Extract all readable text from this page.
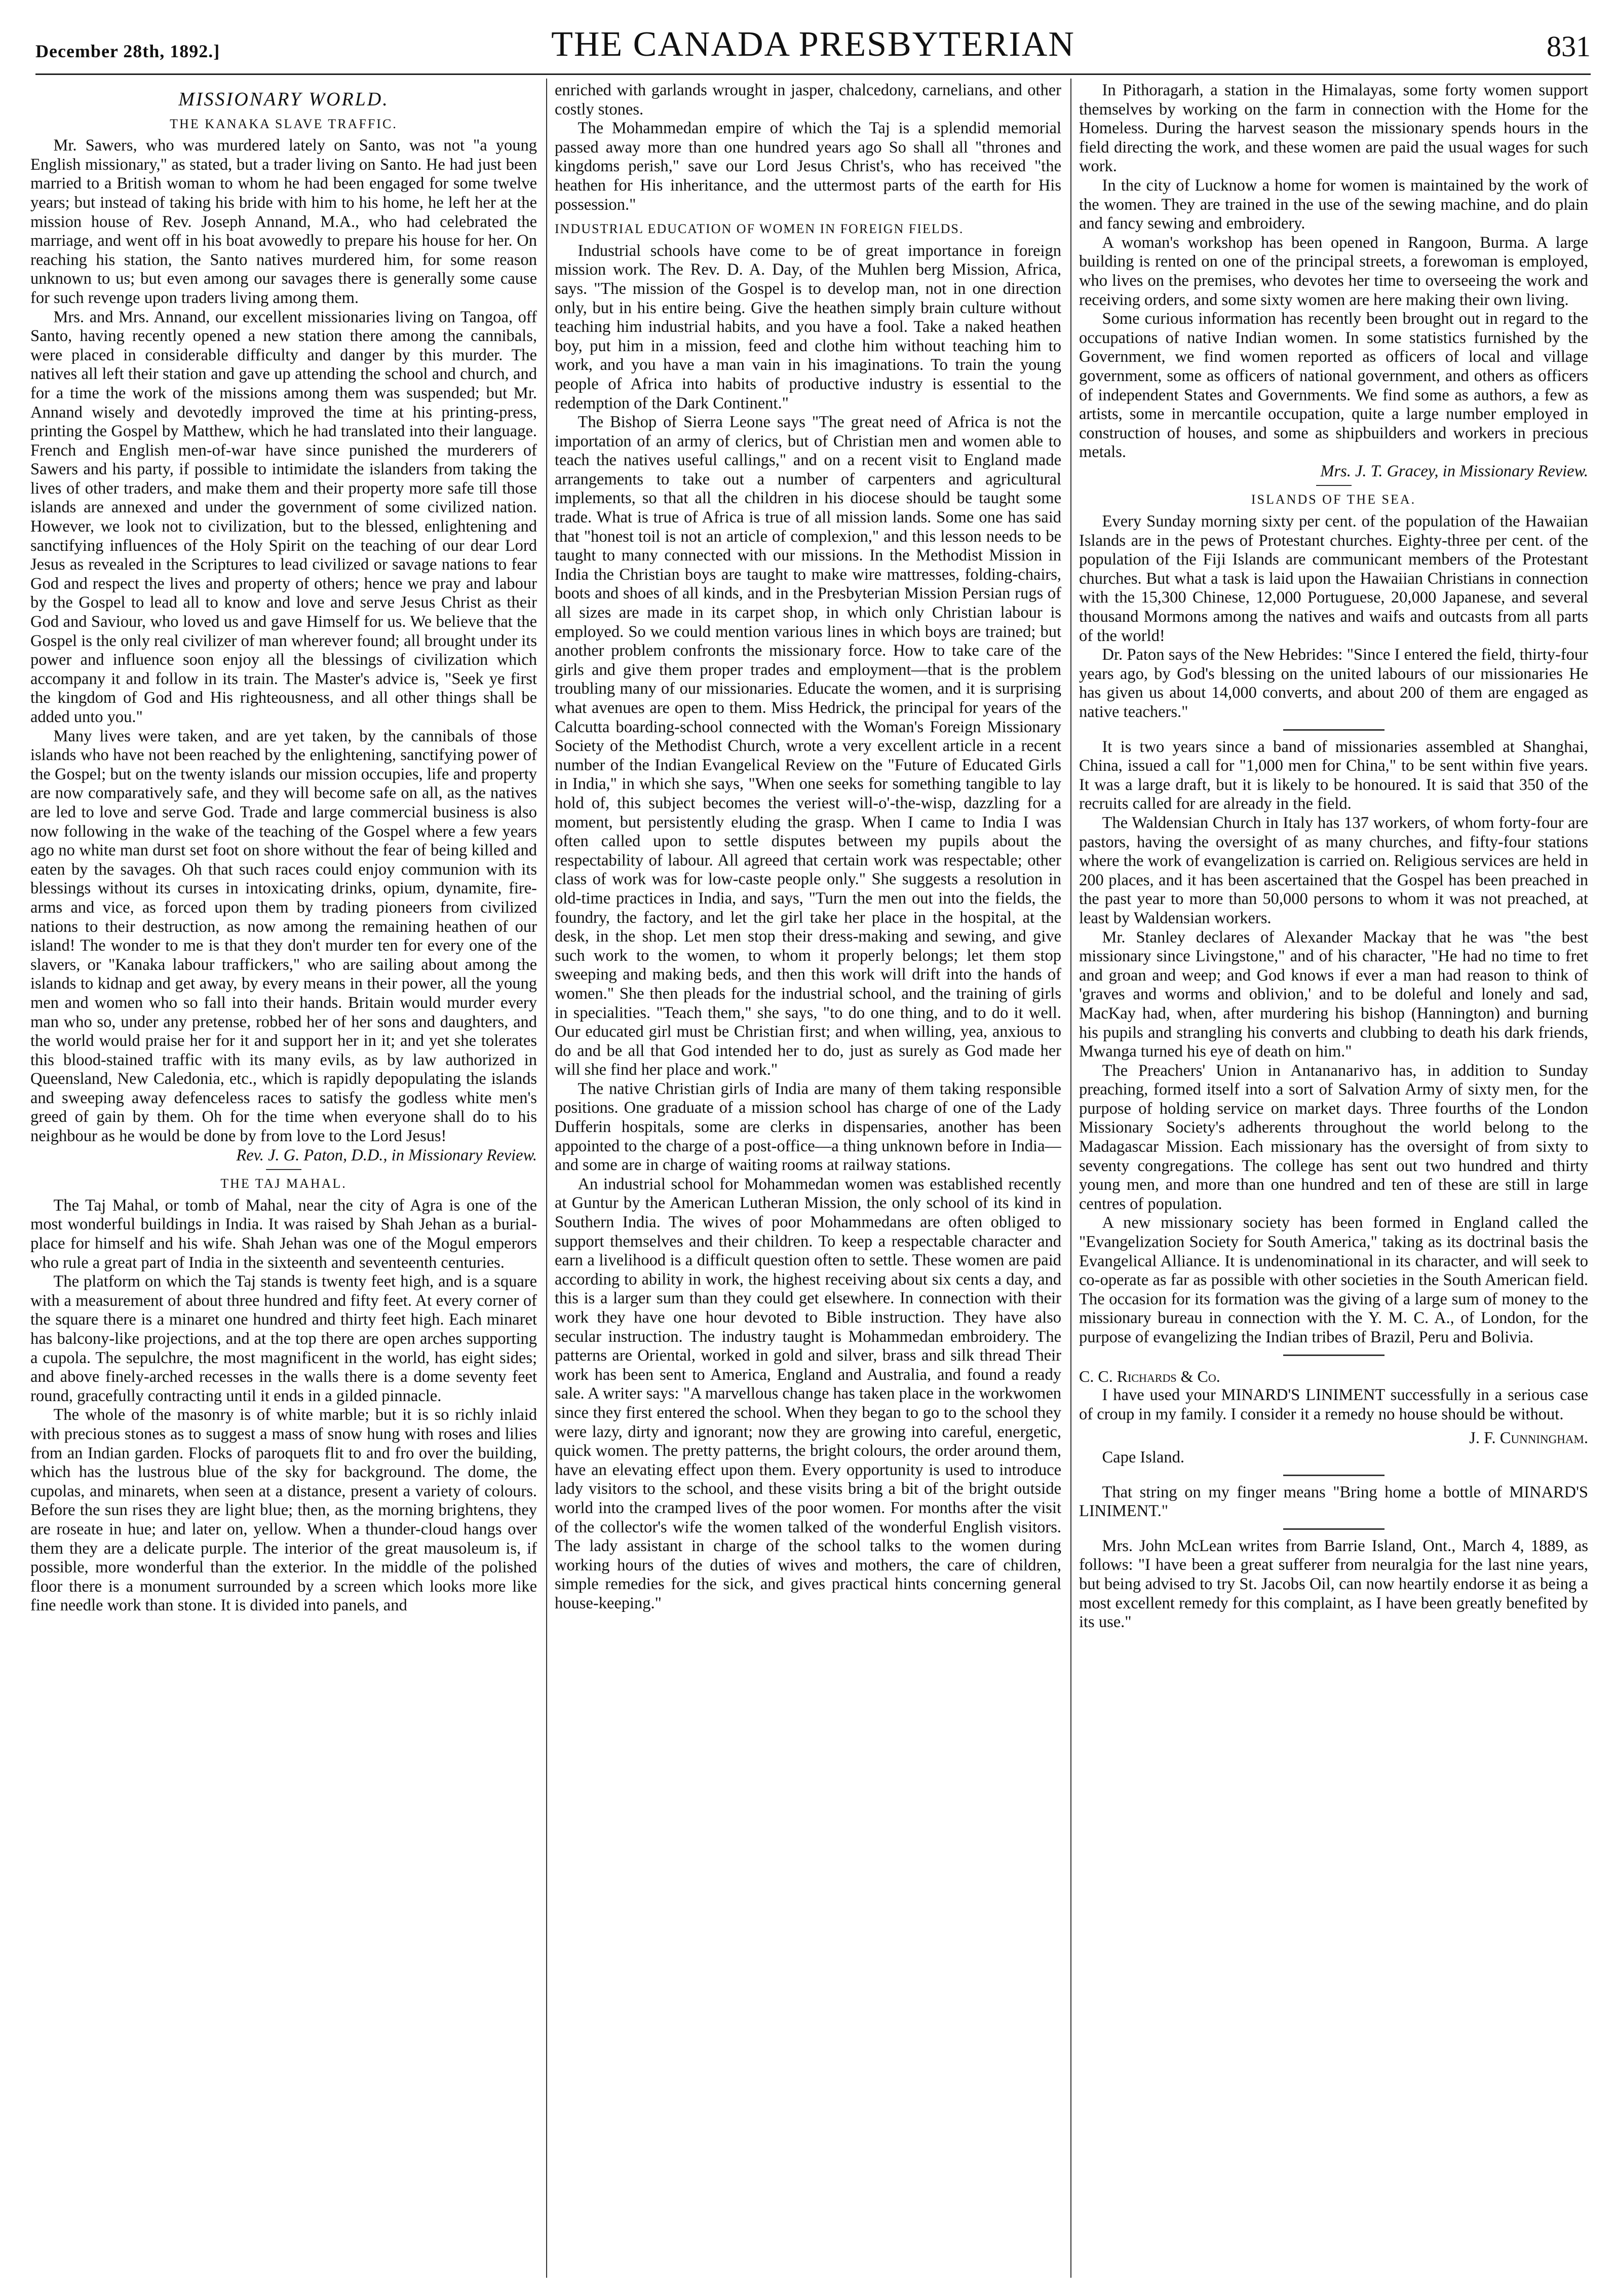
December 28th, 1892.]	THE CANADA PRESBYTERIAN	831
MISSIONARY WORLD.
THE KANAKA SLAVE TRAFFIC.

Mr. Sawers, who was murdered lately on Santo, was not "a young English missionary," as stated, but a trader living on Santo. He had just been married to a British woman to whom he had been engaged for some twelve years; but instead of taking his bride with him to his home, he left her at the mission house of Rev. Joseph Annand, M.A., who had celebrated the marriage, and went off in his boat avowedly to prepare his house for her. On reaching his station, the Santo natives murdered him, for some reason unknown to us; but even among our savages there is generally some cause for such revenge upon traders living among them.

Mrs. and Mrs. Annand, our excellent missionaries living on Tangoa, off Santo, having recently opened a new station there among the cannibals, were placed in considerable difficulty and danger by this murder. The natives all left their station and gave up attending the school and church, and for a time the work of the missions among them was suspended; but Mr. Annand wisely and devotedly improved the time at his printing-press, printing the Gospel by Matthew, which he had translated into their language. French and English men-of-war have since punished the murderers of Sawers and his party, if possible to intimidate the islanders from taking the lives of other traders, and make them and their property more safe till those islands are annexed and under the government of some civilized nation. However, we look not to civilization, but to the blessed, enlightening and sanctifying influences of the Holy Spirit on the teaching of our dear Lord Jesus as revealed in the Scriptures to lead civilized or savage nations to fear God and respect the lives and property of others; hence we pray and labour by the Gospel to lead all to know and love and serve Jesus Christ as their God and Saviour, who loved us and gave Himself for us. We believe that the Gospel is the only real civilizer of man wherever found; all brought under its power and influence soon enjoy all the blessings of civilization which accompany it and follow in its train. The Master's advice is, "Seek ye first the kingdom of God and His righteousness, and all other things shall be added unto you."

Many lives were taken, and are yet taken, by the cannibals of those islands who have not been reached by the enlightening, sanctifying power of the Gospel; but on the twenty islands our mission occupies, life and property are now comparatively safe, and they will become safe on all, as the natives are led to love and serve God. Trade and large commercial business is also now following in the wake of the teaching of the Gospel where a few years ago no white man durst set foot on shore without the fear of being killed and eaten by the savages. Oh that such races could enjoy communion with its blessings without its curses in intoxicating drinks, opium, dynamite, fire-arms and vice, as forced upon them by trading pioneers from civilized nations to their destruction, as now among the remaining heathen of our island! The wonder to me is that they don't murder ten for every one of the slavers, or "Kanaka labour traffickers," who are sailing about among the islands to kidnap and get away, by every means in their power, all the young men and women who so fall into their hands. Britain would murder every man who so, under any pretense, robbed her of her sons and daughters, and the world would praise her for it and support her in it; and yet she tolerates this blood-stained traffic with its many evils, as by law authorized in Queensland, New Caledonia, etc., which is rapidly depopulating the islands and sweeping away defenceless races to satisfy the godless white men's greed of gain by them. Oh for the time when everyone shall do to his neighbour as he would be done by from love to the Lord Jesus!

Rev. J. G. Paton, D.D., in Missionary Review.
THE TAJ MAHAL.

The Taj Mahal, or tomb of Mahal, near the city of Agra is one of the most wonderful buildings in India. It was raised by Shah Jehan as a burial-place for himself and his wife. Shah Jehan was one of the Mogul emperors who rule a great part of India in the sixteenth and seventeenth centuries.

The platform on which the Taj stands is twenty feet high, and is a square with a measurement of about three hundred and fifty feet. At every corner of the square there is a minaret one hundred and thirty feet high. Each minaret has balcony-like projections, and at the top there are open arches supporting a cupola. The sepulchre, the most magnificent in the world, has eight sides; and above finely-arched recesses in the walls there is a dome seventy feet round, gracefully contracting until it ends in a gilded pinnacle.

The whole of the masonry is of white marble; but it is so richly inlaid with precious stones as to suggest a mass of snow hung with roses and lilies from an Indian garden. Flocks of paroquets flit to and fro over the building, which has the lustrous blue of the sky for background. The dome, the cupolas, and minarets, when seen at a distance, present a variety of colours. Before the sun rises they are light blue; then, as the morning brightens, they are roseate in hue; and later on, yellow. When a thunder-cloud hangs over them they are a delicate purple. The interior of the great mausoleum is, if possible, more wonderful than the exterior. In the middle of the polished floor there is a monument surrounded by a screen which looks more like fine needle work than stone. It is divided into panels, and

enriched with garlands wrought in jasper, chalcedony, carnelians, and other costly stones.

The Mohammedan empire of which the Taj is a splendid memorial passed away more than one hundred years ago So shall all "thrones and kingdoms perish," save our Lord Jesus Christ's, who has received "the heathen for His inheritance, and the uttermost parts of the earth for His possession."

INDUSTRIAL EDUCATION OF WOMEN IN FOREIGN FIELDS.

Industrial schools have come to be of great importance in foreign mission work. The Rev. D. A. Day, of the Muhlen berg Mission, Africa, says. "The mission of the Gospel is to develop man, not in one direction only, but in his entire being. Give the heathen simply brain culture without teaching him industrial habits, and you have a fool. Take a naked heathen boy, put him in a mission, feed and clothe him without teaching him to work, and you have a man vain in his imaginations. To train the young people of Africa into habits of productive industry is essential to the redemption of the Dark Continent."

The Bishop of Sierra Leone says "The great need of Africa is not the importation of an army of clerics, but of Christian men and women able to teach the natives useful callings," and on a recent visit to England made arrangements to take out a number of carpenters and agricultural implements, so that all the children in his diocese should be taught some trade. What is true of Africa is true of all mission lands. Some one has said that "honest toil is not an article of complexion," and this lesson needs to be taught to many connected with our missions. In the Methodist Mission in India the Christian boys are taught to make wire mattresses, folding-chairs, boots and shoes of all kinds, and in the Presbyterian Mission Persian rugs of all sizes are made in its carpet shop, in which only Christian labour is employed. So we could mention various lines in which boys are trained; but another problem confronts the missionary force. How to take care of the girls and give them proper trades and employment—that is the problem troubling many of our missionaries. Educate the women, and it is surprising what avenues are open to them. Miss Hedrick, the principal for years of the Calcutta boarding-school connected with the Woman's Foreign Missionary Society of the Methodist Church, wrote a very excellent article in a recent number of the Indian Evangelical Review on the "Future of Educated Girls in India," in which she says, "When one seeks for something tangible to lay hold of, this subject becomes the veriest will-o'-the-wisp, dazzling for a moment, but persistently eluding the grasp. When I came to India I was often called upon to settle disputes between my pupils about the respectability of labour. All agreed that certain work was respectable; other class of work was for low-caste people only." She suggests a resolution in old-time practices in India, and says, "Turn the men out into the fields, the foundry, the factory, and let the girl take her place in the hospital, at the desk, in the shop. Let men stop their dress-making and sewing, and give such work to the women, to whom it properly belongs; let them stop sweeping and making beds, and then this work will drift into the hands of women." She then pleads for the industrial school, and the training of girls in specialities. "Teach them," she says, "to do one thing, and to do it well. Our educated girl must be Christian first; and when willing, yea, anxious to do and be all that God intended her to do, just as surely as God made her will she find her place and work."

The native Christian girls of India are many of them taking responsible positions. One graduate of a mission school has charge of one of the Lady Dufferin hospitals, some are clerks in dispensaries, another has been appointed to the charge of a post-office—a thing unknown before in India—and some are in charge of waiting rooms at railway stations.

An industrial school for Mohammedan women was established recently at Guntur by the American Lutheran Mission, the only school of its kind in Southern India. The wives of poor Mohammedans are often obliged to support themselves and their children. To keep a respectable character and earn a livelihood is a difficult question often to settle. These women are paid according to ability in work, the highest receiving about six cents a day, and this is a larger sum than they could get elsewhere. In connection with their work they have one hour devoted to Bible instruction. They have also secular instruction. The industry taught is Mohammedan embroidery. The patterns are Oriental, worked in gold and silver, brass and silk thread Their work has been sent to America, England and Australia, and found a ready sale. A writer says: "A marvellous change has taken place in the workwomen since they first entered the school. When they began to go to the school they were lazy, dirty and ignorant; now they are growing into careful, energetic, quick women. The pretty patterns, the bright colours, the order around them, have an elevating effect upon them. Every opportunity is used to introduce lady visitors to the school, and these visits bring a bit of the bright outside world into the cramped lives of the poor women. For months after the visit of the collector's wife the women talked of the wonderful English visitors. The lady assistant in charge of the school talks to the women during working hours of the duties of wives and mothers, the care of children, simple remedies for the sick, and gives practical hints concerning general house-keeping."

In Pithoragarh, a station in the Himalayas, some forty women support themselves by working on the farm in connection with the Home for the Homeless. During the harvest season the missionary spends hours in the field directing the work, and these women are paid the usual wages for such work.

In the city of Lucknow a home for women is maintained by the work of the women. They are trained in the use of the sewing machine, and do plain and fancy sewing and embroidery.

A woman's workshop has been opened in Rangoon, Burma. A large building is rented on one of the principal streets, a forewoman is employed, who lives on the premises, who devotes her time to overseeing the work and receiving orders, and some sixty women are here making their own living.

Some curious information has recently been brought out in regard to the occupations of native Indian women. In some statistics furnished by the Government, we find women reported as officers of local and village government, some as officers of national government, and others as officers of independent States and Governments. We find some as authors, a few as artists, some in mercantile occupation, quite a large number employed in construction of houses, and some as shipbuilders and workers in precious metals.

Mrs. J. T. Gracey, in Missionary Review.
ISLANDS OF THE SEA.

Every Sunday morning sixty per cent. of the population of the Hawaiian Islands are in the pews of Protestant churches. Eighty-three per cent. of the population of the Fiji Islands are communicant members of the Protestant churches. But what a task is laid upon the Hawaiian Christians in connection with the 15,300 Chinese, 12,000 Portuguese, 20,000 Japanese, and several thousand Mormons among the natives and waifs and outcasts from all parts of the world!

Dr. Paton says of the New Hebrides: "Since I entered the field, thirty-four years ago, by God's blessing on the united labours of our missionaries He has given us about 14,000 converts, and about 200 of them are engaged as native teachers."

It is two years since a band of missionaries assembled at Shanghai, China, issued a call for "1,000 men for China," to be sent within five years. It was a large draft, but it is likely to be honoured. It is said that 350 of the recruits called for are already in the field.

The Waldensian Church in Italy has 137 workers, of whom forty-four are pastors, having the oversight of as many churches, and fifty-four stations where the work of evangelization is carried on. Religious services are held in 200 places, and it has been ascertained that the Gospel has been preached in the past year to more than 50,000 persons to whom it was not preached, at least by Waldensian workers.

Mr. Stanley declares of Alexander Mackay that he was "the best missionary since Livingstone," and of his character, "He had no time to fret and groan and weep; and God knows if ever a man had reason to think of 'graves and worms and oblivion,' and to be doleful and lonely and sad, MacKay had, when, after murdering his bishop (Hannington) and burning his pupils and strangling his converts and clubbing to death his dark friends, Mwanga turned his eye of death on him."

The Preachers' Union in Antananarivo has, in addition to Sunday preaching, formed itself into a sort of Salvation Army of sixty men, for the purpose of holding service on market days. Three fourths of the London Missionary Society's adherents throughout the world belong to the Madagascar Mission. Each missionary has the oversight of from sixty to seventy congregations. The college has sent out two hundred and thirty young men, and more than one hundred and ten of these are still in large centres of population.

A new missionary society has been formed in England called the "Evangelization Society for South America," taking as its doctrinal basis the Evangelical Alliance. It is undenominational in its character, and will seek to co-operate as far as possible with other societies in the South American field. The occasion for its formation was the giving of a large sum of money to the missionary bureau in connection with the Y. M. C. A., of London, for the purpose of evangelizing the Indian tribes of Brazil, Peru and Bolivia.

C. C. Richards & Co.

I have used your MINARD'S LINIMENT successfully in a serious case of croup in my family. I consider it a remedy no house should be without.

J. F. Cunningham.

Cape Island.

That string on my finger means "Bring home a bottle of MINARD'S LINIMENT."

Mrs. John McLean writes from Barrie Island, Ont., March 4, 1889, as follows: "I have been a great sufferer from neuralgia for the last nine years, but being advised to try St. Jacobs Oil, can now heartily endorse it as being a most excellent remedy for this complaint, as I have been greatly benefited by its use."
